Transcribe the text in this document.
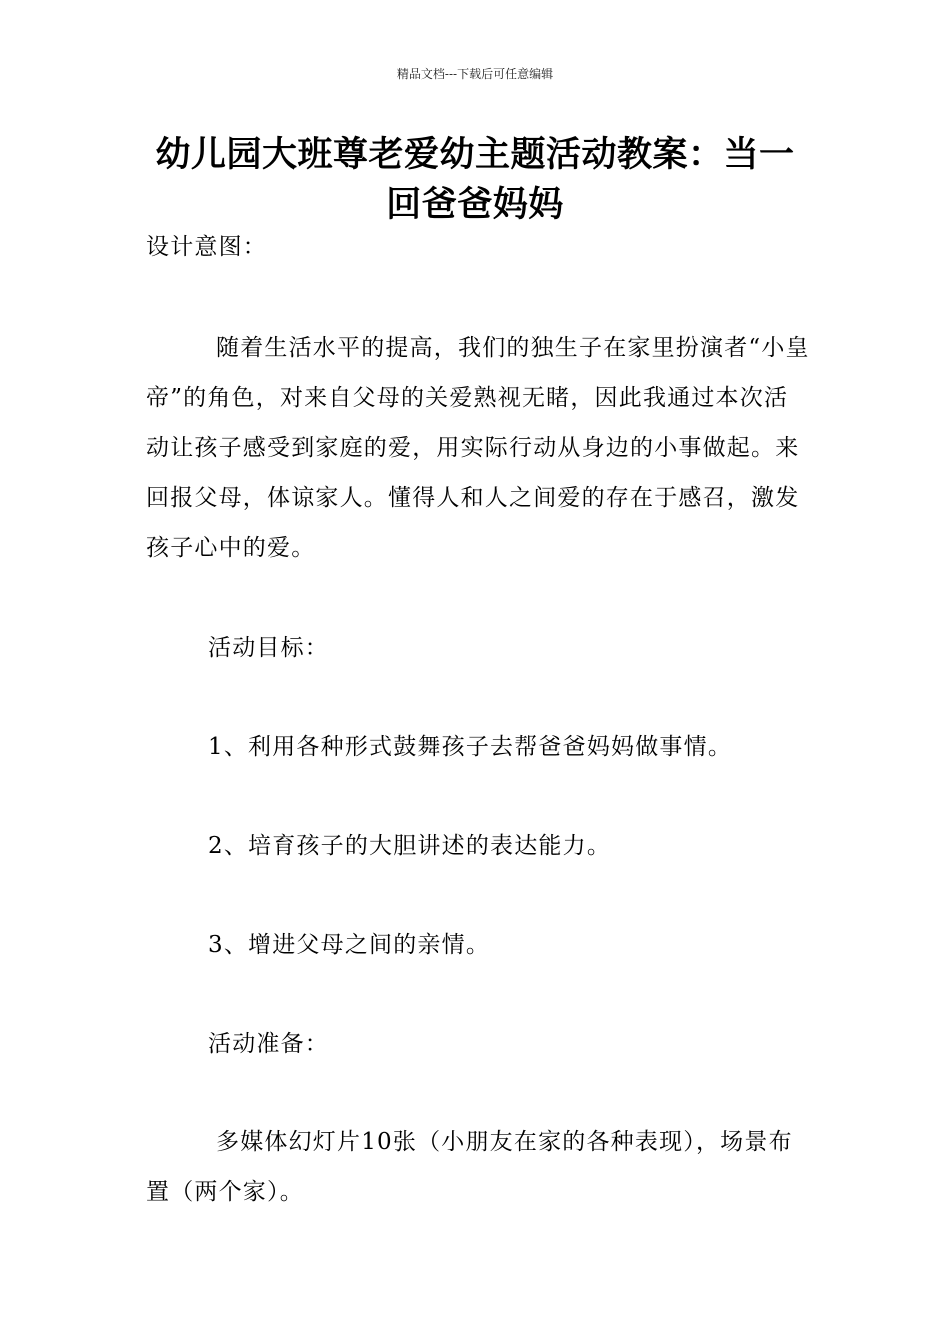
精品文档---下载后可任意编辑
幼儿园大班尊老爱幼主题活动教案：当一回爸爸妈妈

设计意图：

随着生活水平的提高，我们的独生子在家里扮演者“小皇帝”的角色，对来自父母的关爱熟视无睹，因此我通过本次活动让孩子感受到家庭的爱，用实际行动从身边的小事做起。来回报父母，体谅家人。懂得人和人之间爱的存在于感召，激发孩子心中的爱。

活动目标：

1、利用各种形式鼓舞孩子去帮爸爸妈妈做事情。

2、培育孩子的大胆讲述的表达能力。

3、增进父母之间的亲情。

活动准备：

多媒体幻灯片10张（小朋友在家的各种表现），场景布置（两个家）。
